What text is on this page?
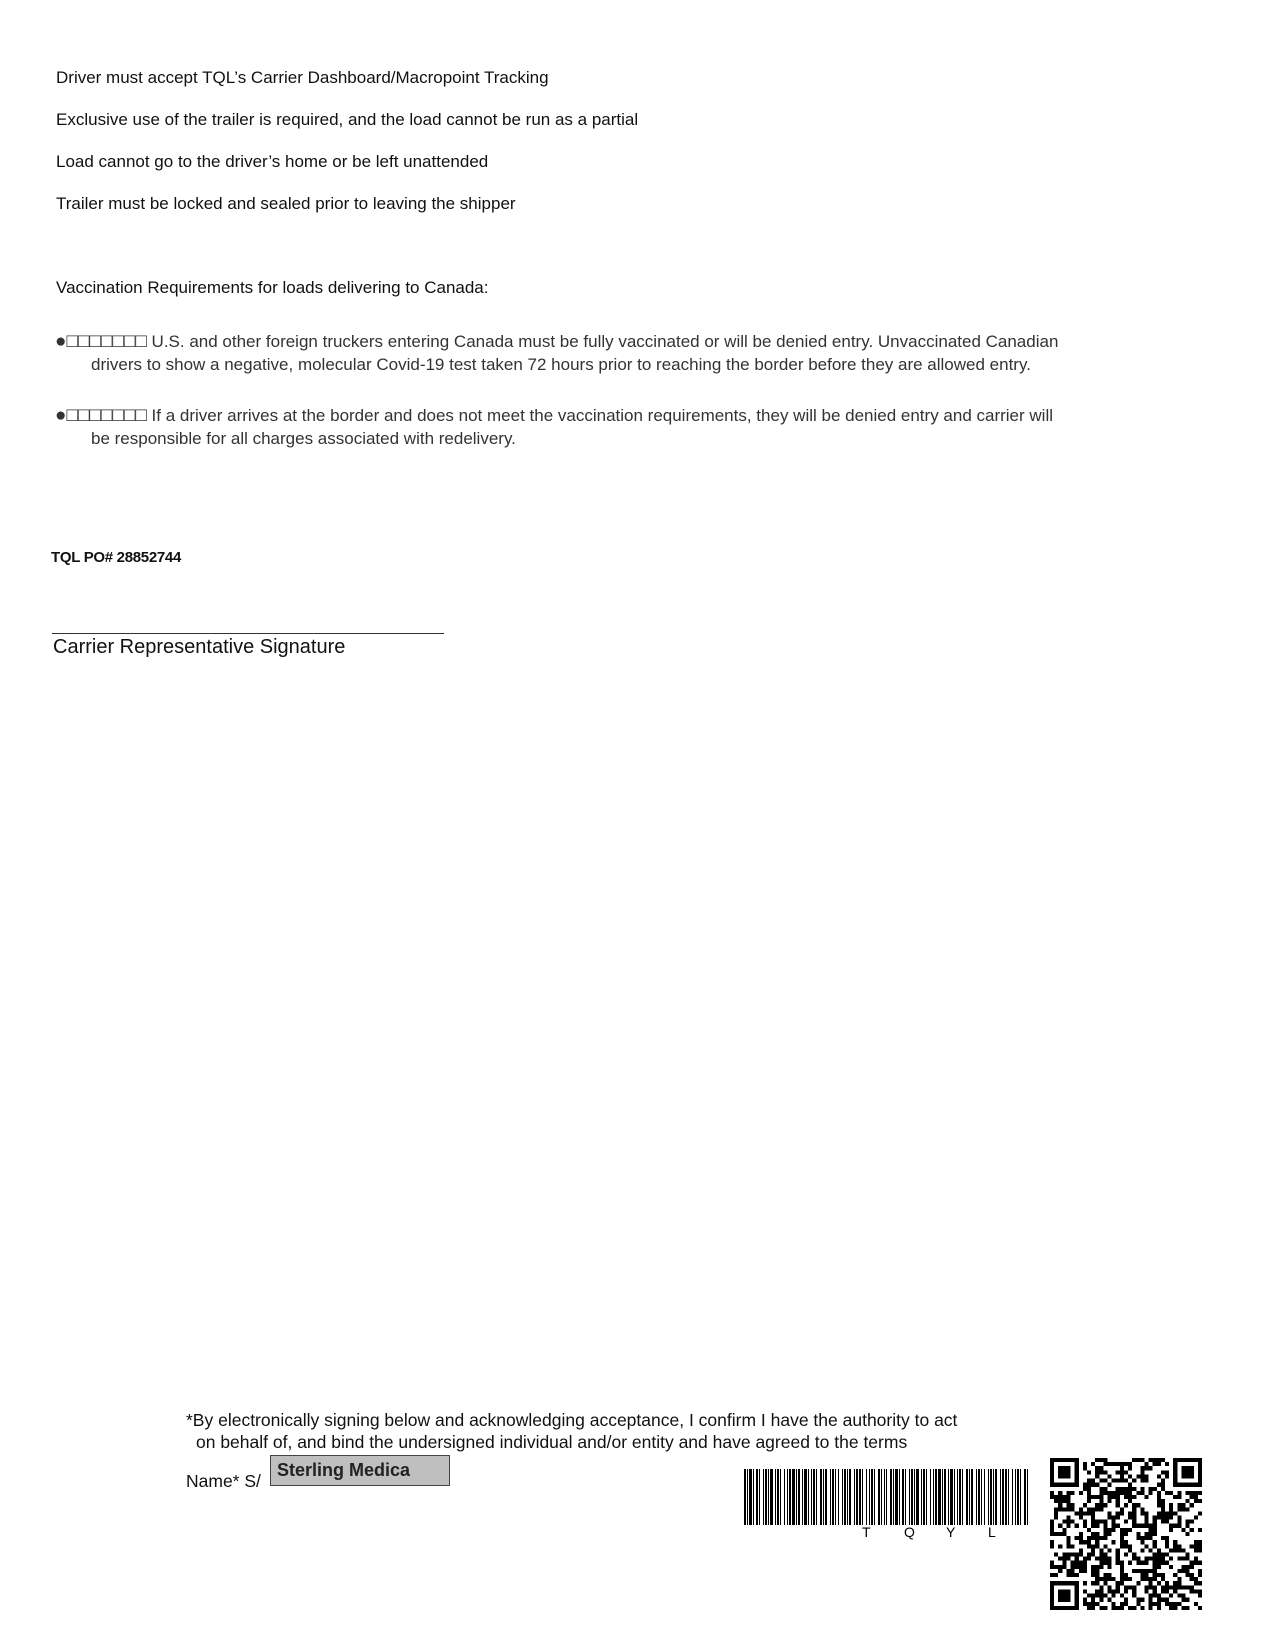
Driver must accept TQL’s Carrier Dashboard/Macropoint Tracking
Exclusive use of the trailer is required, and the load cannot be run as a partial
Load cannot go to the driver’s home or be left unattended
Trailer must be locked and sealed prior to leaving the shipper
Vaccination Requirements for loads delivering to Canada:
●□□□□□□□ U.S. and other foreign truckers entering Canada must be fully vaccinated or will be denied entry. Unvaccinated Canadian
drivers to show a negative, molecular Covid-19 test taken 72 hours prior to reaching the border before they are allowed entry.
●□□□□□□□ If a driver arrives at the border and does not meet the vaccination requirements, they will be denied entry and carrier will
be responsible for all charges associated with redelivery.
TQL PO# 28852744
Carrier Representative Signature
*By electronically signing below and acknowledging acceptance, I confirm I have the authority to act
on behalf of, and bind the undersigned individual and/or entity and have agreed to the terms
Name* S/
Sterling Medica
T Q Y L
